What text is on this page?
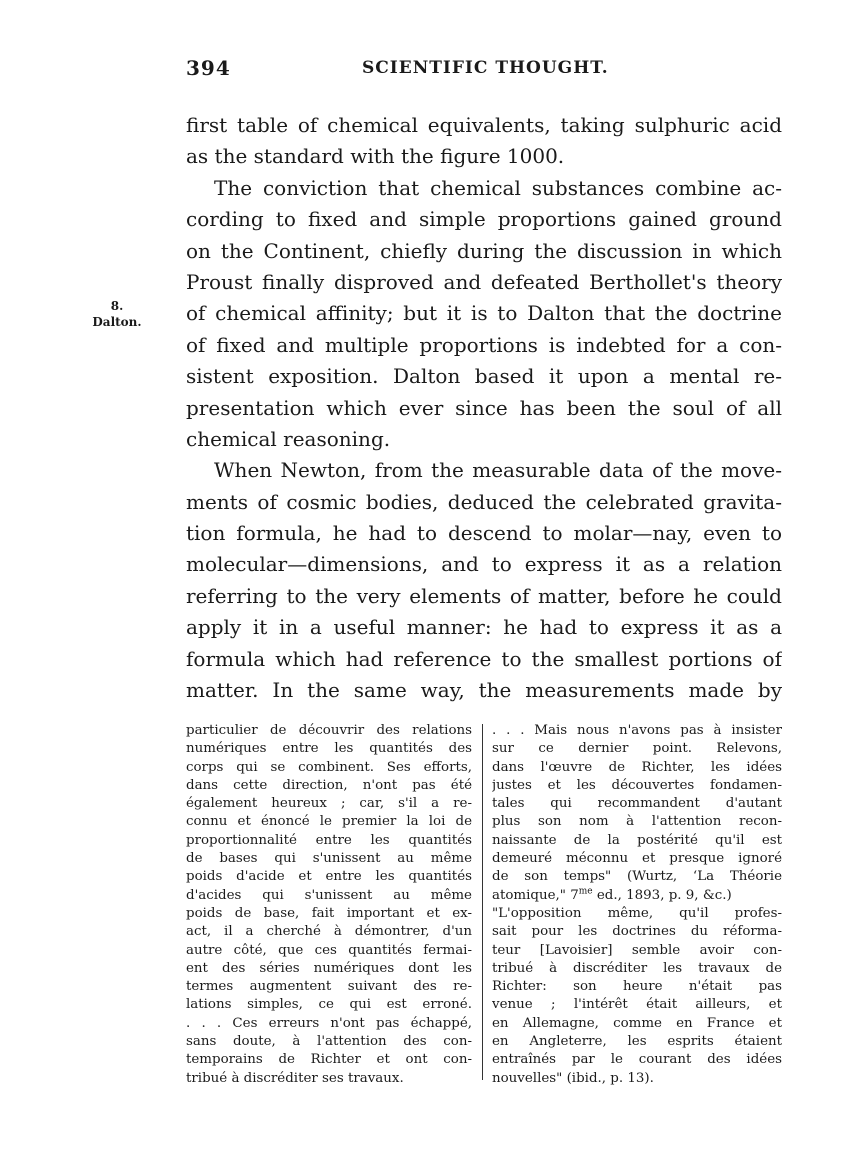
394	SCIENTIFIC THOUGHT.
8.
Dalton.
first table of chemical equivalents, taking sulphuric acid
as the standard with the figure 1000.
The conviction that chemical substances combine ac-
cording to fixed and simple proportions gained ground
on the Continent, chiefly during the discussion in which
Proust finally disproved and defeated Berthollet's theory
of chemical affinity; but it is to Dalton that the doctrine
of fixed and multiple proportions is indebted for a con-
sistent exposition. Dalton based it upon a mental re-
presentation which ever since has been the soul of all
chemical reasoning.
When Newton, from the measurable data of the move-
ments of cosmic bodies, deduced the celebrated gravita-
tion formula, he had to descend to molar—nay, even to
molecular—dimensions, and to express it as a relation
referring to the very elements of matter, before he could
apply it in a useful manner: he had to express it as a
formula which had reference to the smallest portions of
matter. In the same way, the measurements made by
particulier de découvrir des relations
numériques entre les quantités des
corps qui se combinent. Ses efforts,
dans cette direction, n'ont pas été
également heureux ; car, s'il a re-
connu et énoncé le premier la loi de
proportionnalité entre les quantités
de bases qui s'unissent au même
poids d'acide et entre les quantités
d'acides qui s'unissent au même
poids de base, fait important et ex-
act, il a cherché à démontrer, d'un
autre côté, que ces quantités fermai-
ent des séries numériques dont les
termes augmentent suivant des re-
lations simples, ce qui est erroné.
. . . Ces erreurs n'ont pas échappé,
sans doute, à l'attention des con-
temporains de Richter et ont con-
tribué à discréditer ses travaux.
. . . Mais nous n'avons pas à insister
sur ce dernier point. Relevons,
dans l'œuvre de Richter, les idées
justes et les découvertes fondamen-
tales qui recommandent d'autant
plus son nom à l'attention recon-
naissante de la postérité qu'il est
demeuré méconnu et presque ignoré
de son temps" (Wurtz, ‘La Théorie
atomique," $7^{me}$ ed., 1893, p. 9, &c.)
"L'opposition même, qu'il profes-
sait pour les doctrines du réforma-
teur [Lavoisier] semble avoir con-
tribué à discréditer les travaux de
Richter: son heure n'était pas
venue ; l'intérêt était ailleurs, et
en Allemagne, comme en France et
en Angleterre, les esprits étaient
entraînés par le courant des idées
nouvelles" (ibid., p. 13).
